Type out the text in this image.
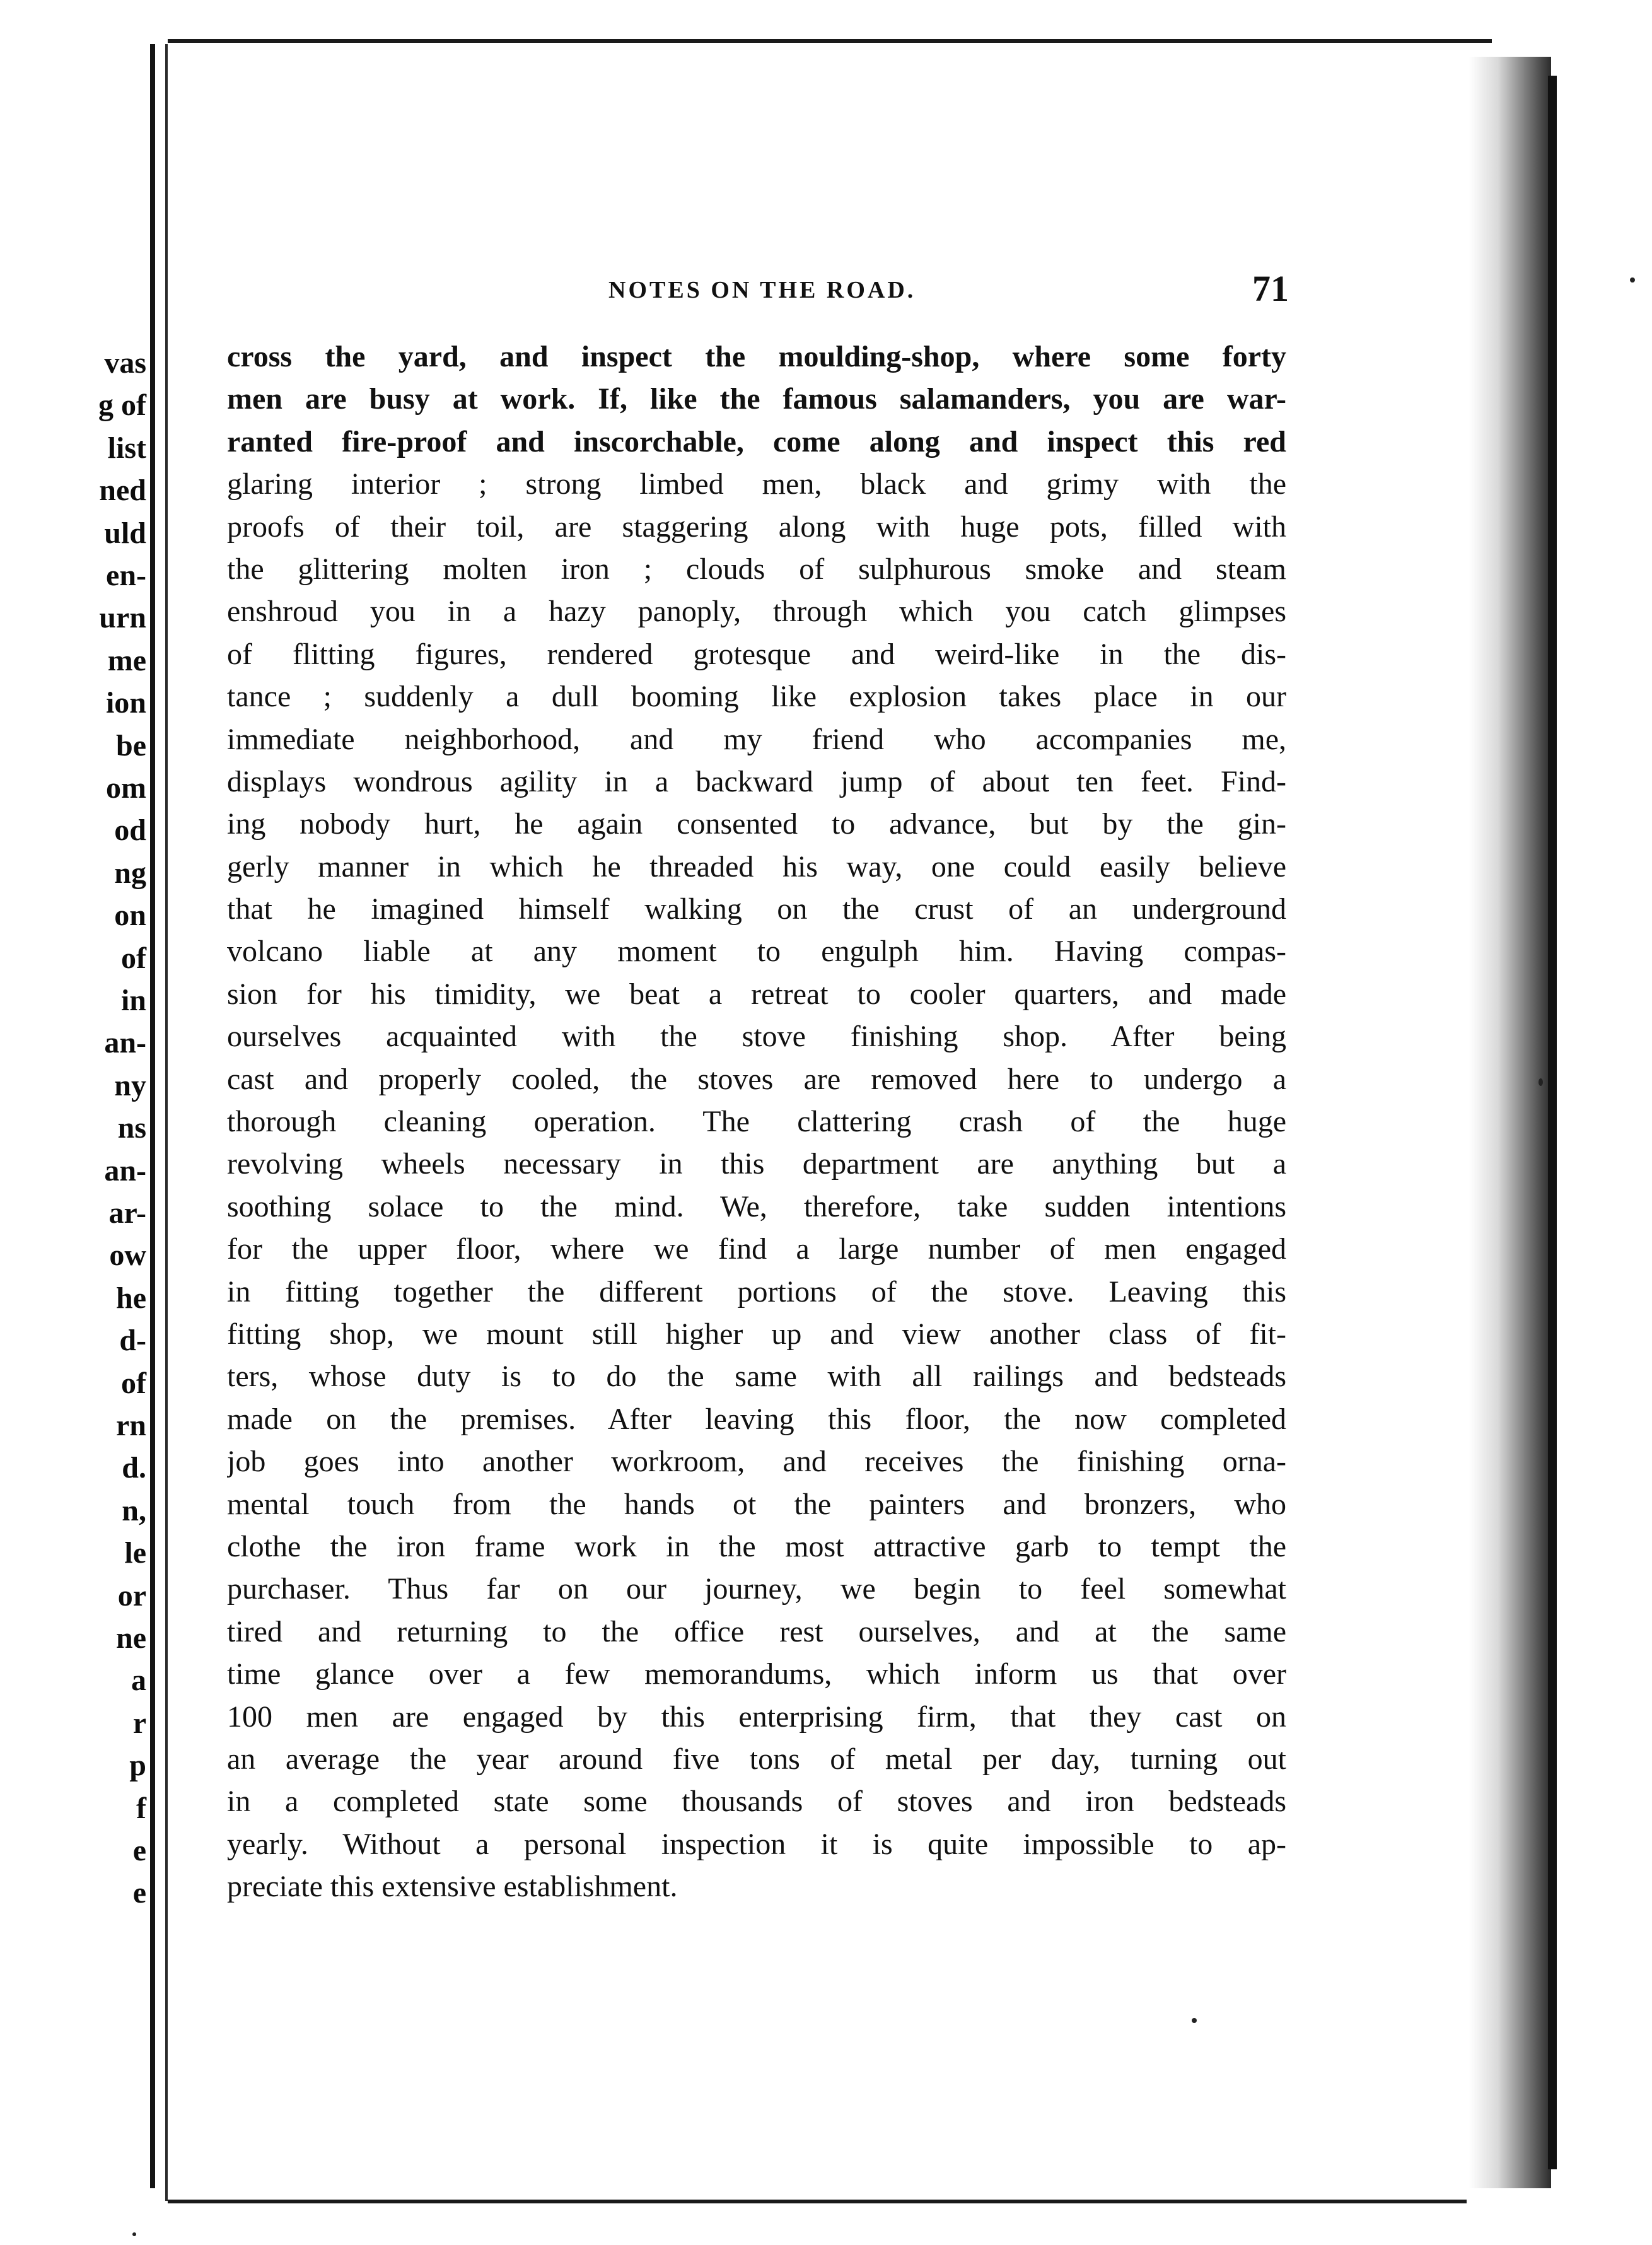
vas
g of
list
ned
uld
en-
urn
me
ion
be
om
od
ng
on
of
in
an-
ny
ns
an-
ar-
ow
he
d-
of
rn
d.
n,
le
or
ne
a
r
p
f
e
e
NOTES ON THE ROAD.	71
cross the yard, and inspect the moulding-shop, where some forty
men are busy at work. If, like the famous salamanders, you are war-
ranted fire-proof and inscorchable, come along and inspect this red
glaring interior ; strong limbed men, black and grimy with the
proofs of their toil, are staggering along with huge pots, filled with
the glittering molten iron ; clouds of sulphurous smoke and steam
enshroud you in a hazy panoply, through which you catch glimpses
of flitting figures, rendered grotesque and weird-like in the dis-
tance ; suddenly a dull booming like explosion takes place in our
immediate neighborhood, and my friend who accompanies me,
displays wondrous agility in a backward jump of about ten feet. Find-
ing nobody hurt, he again consented to advance, but by the gin-
gerly manner in which he threaded his way, one could easily believe
that he imagined himself walking on the crust of an underground
volcano liable at any moment to engulph him. Having compas-
sion for his timidity, we beat a retreat to cooler quarters, and made
ourselves acquainted with the stove finishing shop. After being
cast and properly cooled, the stoves are removed here to undergo a
thorough cleaning operation. The clattering crash of the huge
revolving wheels necessary in this department are anything but a
soothing solace to the mind. We, therefore, take sudden intentions
for the upper floor, where we find a large number of men engaged
in fitting together the different portions of the stove. Leaving this
fitting shop, we mount still higher up and view another class of fit-
ters, whose duty is to do the same with all railings and bedsteads
made on the premises. After leaving this floor, the now completed
job goes into another workroom, and receives the finishing orna-
mental touch from the hands ot the painters and bronzers, who
clothe the iron frame work in the most attractive garb to tempt the
purchaser. Thus far on our journey, we begin to feel somewhat
tired and returning to the office rest ourselves, and at the same
time glance over a few memorandums, which inform us that over
100 men are engaged by this enterprising firm, that they cast on
an average the year around five tons of metal per day, turning out
in a completed state some thousands of stoves and iron bedsteads
yearly. Without a personal inspection it is quite impossible to ap-
preciate this extensive establishment.
